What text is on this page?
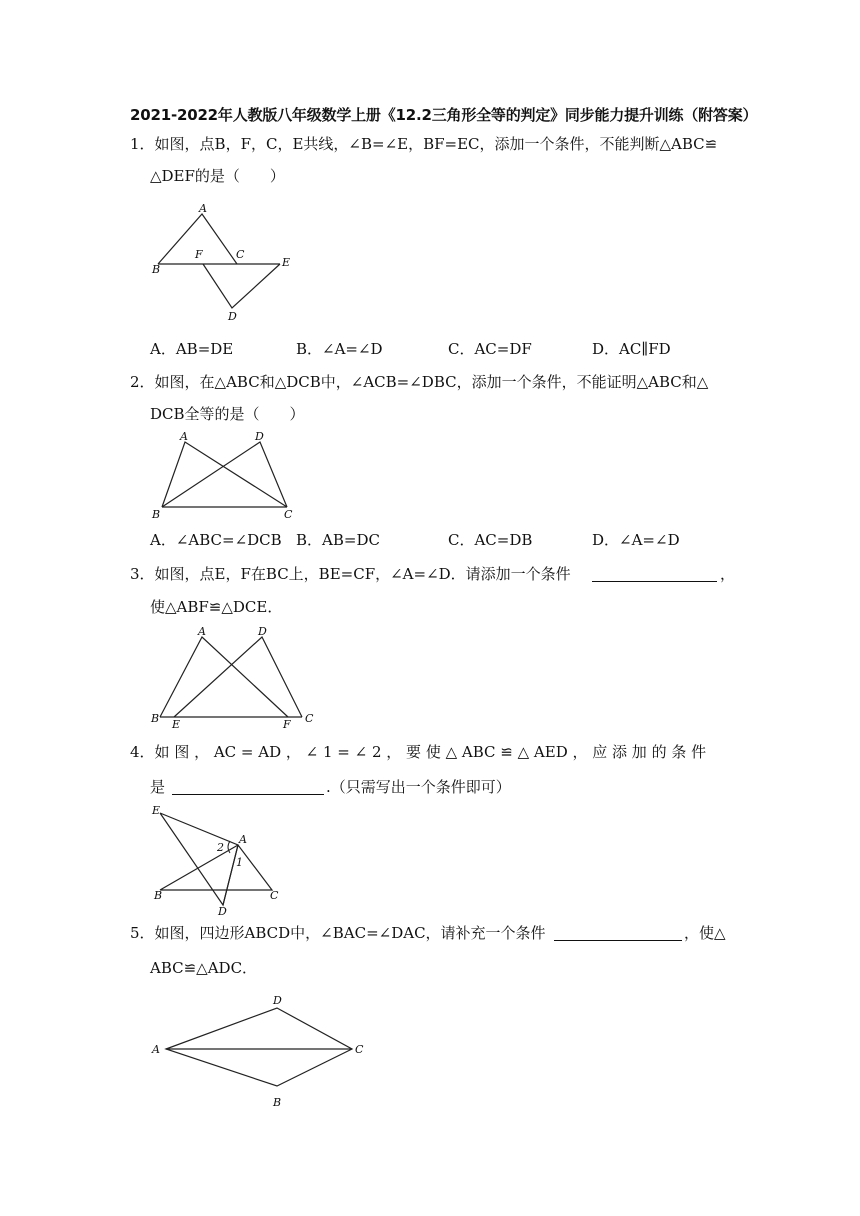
2021-2022年人教版八年级数学上册《12.2三角形全等的判定》同步能力提升训练（附答案）
1．如图，点B，F，C，E共线，∠B=∠E，BF=EC，添加一个条件，不能判断△ABC≌
△DEF的是（　　）
A
B
F	C
E
D
A．AB=DE	B．∠A=∠D	C．AC=DF	D．AC∥FD
2．如图，在△ABC和△DCB中，∠ACB=∠DBC，添加一个条件，不能证明△ABC和△
DCB全等的是（　　）
A	D
B	C
A．∠ABC=∠DCB B．AB=DC	C．AC=DB	D．∠A=∠D
3．如图，点E，F在BC上，BE=CF，∠A=∠D．请添加一个条件	，
使△ABF≌△DCE．
A	D
B E	F C
4．如 图 ， AC = AD ， ∠ 1 = ∠ 2 ， 要 使 △ ABC ≌ △ AED ， 应 添 加 的 条 件
是	.（只需写出一个条件即可）
E
A
2
1
B	C
D
5．如图，四边形ABCD中，∠BAC=∠DAC，请补充一个条件	，使△
ABC≌△ADC．
A
D
C
B
